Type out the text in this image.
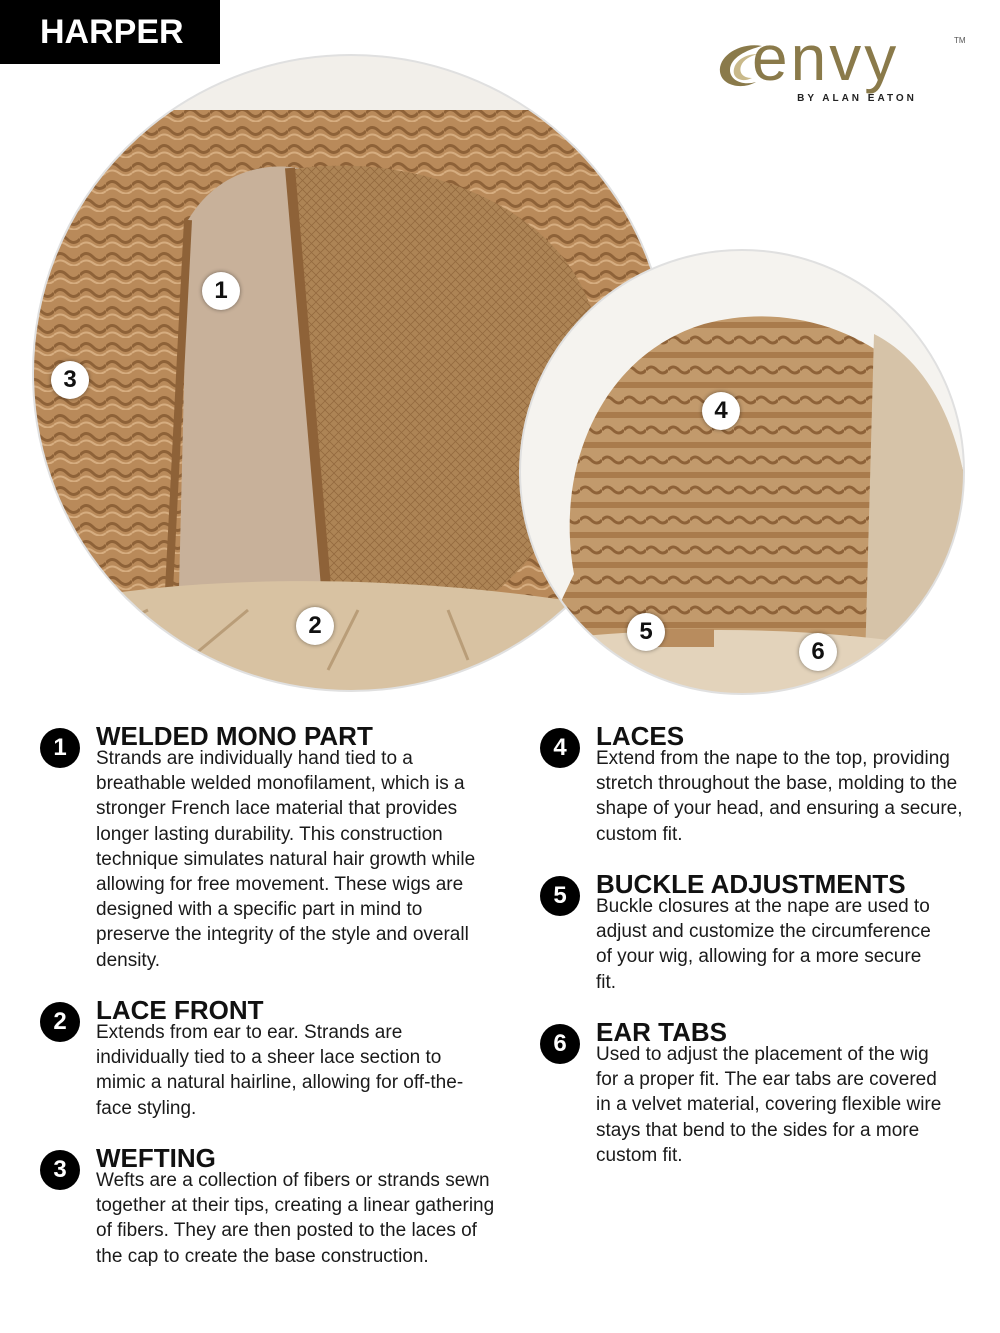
HARPER	envy	TM
BY ALAN EATON
1
2
3
4
5
6
1	WELDED MONO PART

Strands are individually hand tied to a breathable welded monofilament, which is a stronger French lace material that provides longer lasting durability. This construction technique simulates natural hair growth while allowing for free movement. These wigs are designed with a specific part in mind to preserve the integrity of the style and overall density.

2	LACE FRONT

Extends from ear to ear. Strands are individually tied to a sheer lace section to mimic a natural hairline, allowing for off-the-face styling.

3	WEFTING

Wefts are a collection of fibers or strands sewn together at their tips, creating a linear gathering of fibers. They are then posted to the laces of the cap to create the base construction.

4	LACES

Extend from the nape to the top, providing stretch throughout the base, molding to the shape of your head, and ensuring a secure, custom fit.

5	BUCKLE ADJUSTMENTS

Buckle closures at the nape are used to adjust and customize the circumference of your wig, allowing for a more secure fit.

6	EAR TABS

Used to adjust the placement of the wig for a proper fit. The ear tabs are covered in a velvet material, covering flexible wire stays that bend to the sides for a more custom fit.
